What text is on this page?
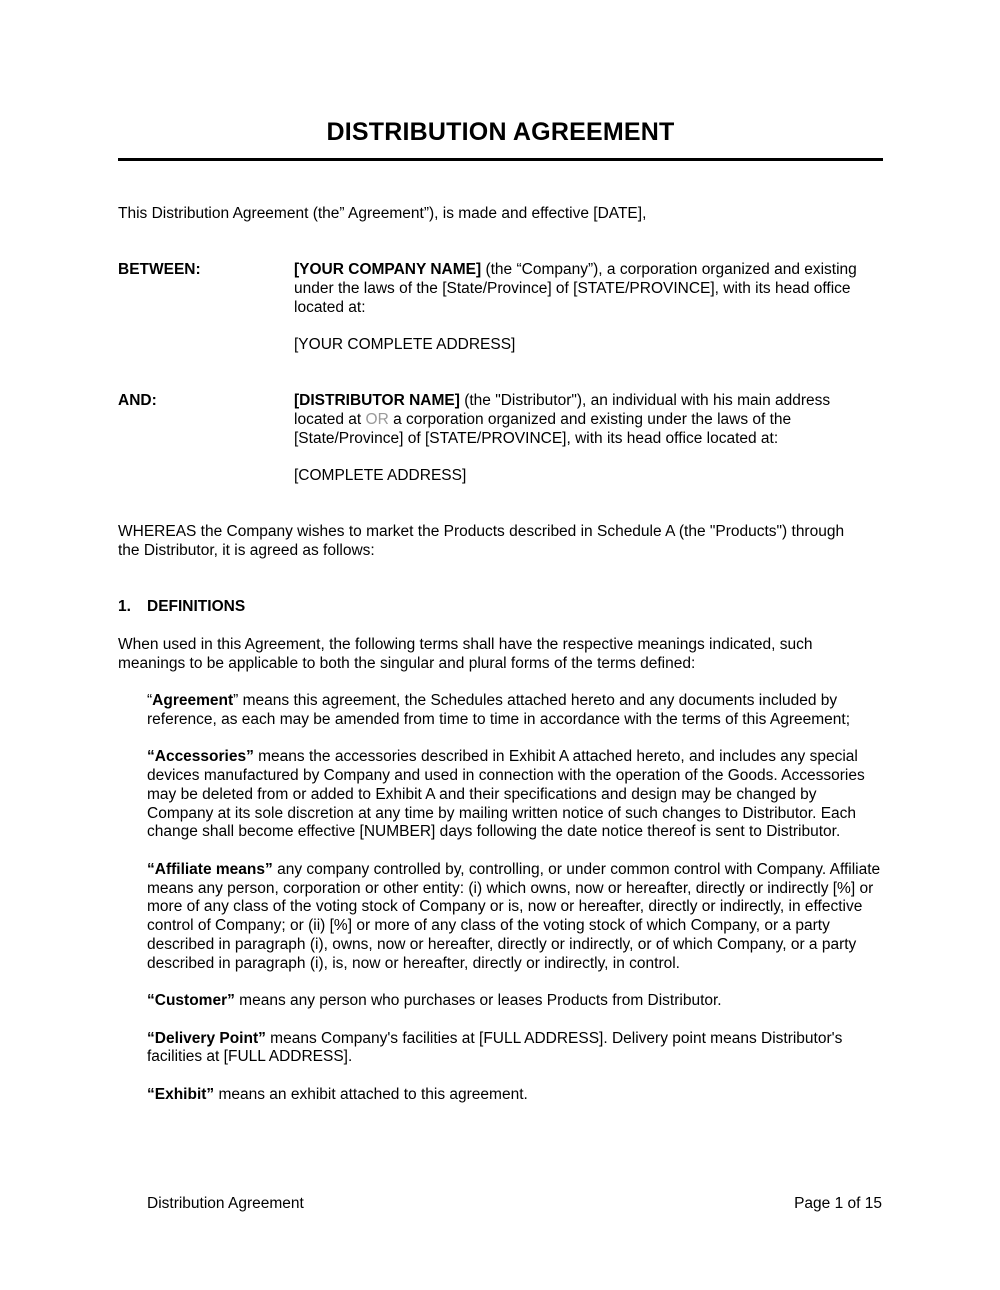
DISTRIBUTION AGREEMENT

This Distribution Agreement (the” Agreement”), is made and effective [DATE],

BETWEEN:	[YOUR COMPANY NAME] (the “Company”), a corporation organized and existing under the laws of the [State/Province] of [STATE/PROVINCE], with its head office located at:

[YOUR COMPLETE ADDRESS]

AND:	[DISTRIBUTOR NAME] (the "Distributor"), an individual with his main address located at OR a corporation organized and existing under the laws of the [State/Province] of [STATE/PROVINCE], with its head office located at:

[COMPLETE ADDRESS]

WHEREAS the Company wishes to market the Products described in Schedule A (the "Products") through the Distributor, it is agreed as follows:

1. DEFINITIONS

When used in this Agreement, the following terms shall have the respective meanings indicated, such meanings to be applicable to both the singular and plural forms of the terms defined:

“Agreement” means this agreement, the Schedules attached hereto and any documents included by reference, as each may be amended from time to time in accordance with the terms of this Agreement;

“Accessories” means the accessories described in Exhibit A attached hereto, and includes any special devices manufactured by Company and used in connection with the operation of the Goods. Accessories may be deleted from or added to Exhibit A and their specifications and design may be changed by Company at its sole discretion at any time by mailing written notice of such changes to Distributor. Each change shall become effective [NUMBER] days following the date notice thereof is sent to Distributor.

“Affiliate means” any company controlled by, controlling, or under common control with Company. Affiliate means any person, corporation or other entity: (i) which owns, now or hereafter, directly or indirectly [%] or more of any class of the voting stock of Company or is, now or hereafter, directly or indirectly, in effective control of Company; or (ii) [%] or more of any class of the voting stock of which Company, or a party described in paragraph (i), owns, now or hereafter, directly or indirectly, or of which Company, or a party described in paragraph (i), is, now or hereafter, directly or indirectly, in control.

“Customer” means any person who purchases or leases Products from Distributor.

“Delivery Point” means Company's facilities at [FULL ADDRESS]. Delivery point means Distributor's facilities at [FULL ADDRESS].

“Exhibit” means an exhibit attached to this agreement.

Distribution Agreement	Page 1 of 15
